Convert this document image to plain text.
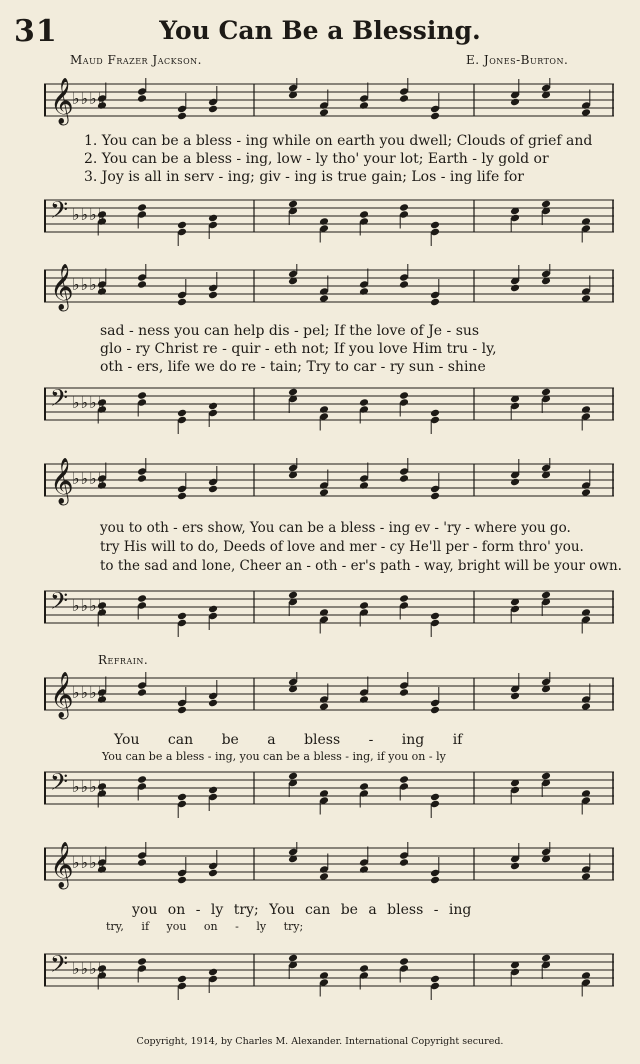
31	You Can Be a Blessing.
Maud Frazer Jackson.	E. Jones-Burton.
𝄞
♭♭♭♭
1. You can be a bless - ing while on earth you dwell; Clouds of grief and
2. You can be a bless - ing, low - ly tho' your lot; Earth - ly gold or
3. Joy is all in serv - ing; giv - ing is true gain; Los - ing life for
𝄢 ♭♭♭♭
𝄞
♭♭♭♭
sad - ness you can help dis - pel; If the love of Je - sus
glo - ry Christ re - quir - eth not; If you love Him tru - ly,
oth - ers, life we do re - tain; Try to car - ry sun - shine
𝄢 ♭♭♭♭
𝄞
♭♭♭♭
you to oth - ers show, You can be a bless - ing ev - 'ry - where you go.
try His will to do, Deeds of love and mer - cy He'll per - form thro' you.
to the sad and lone, Cheer an - oth - er's path - way, bright will be your own.
𝄢 ♭♭♭♭
Refrain.
𝄞
♭♭♭♭
You can be a bless - ing if
You can be a bless - ing, you can be a bless - ing, if you on - ly
𝄢 ♭♭♭♭
𝄞
♭♭♭♭
you on - ly try; You can be a bless - ing
try, if you on - ly try;
𝄢 ♭♭♭♭
Copyright, 1914, by Charles M. Alexander. International Copyright secured.
